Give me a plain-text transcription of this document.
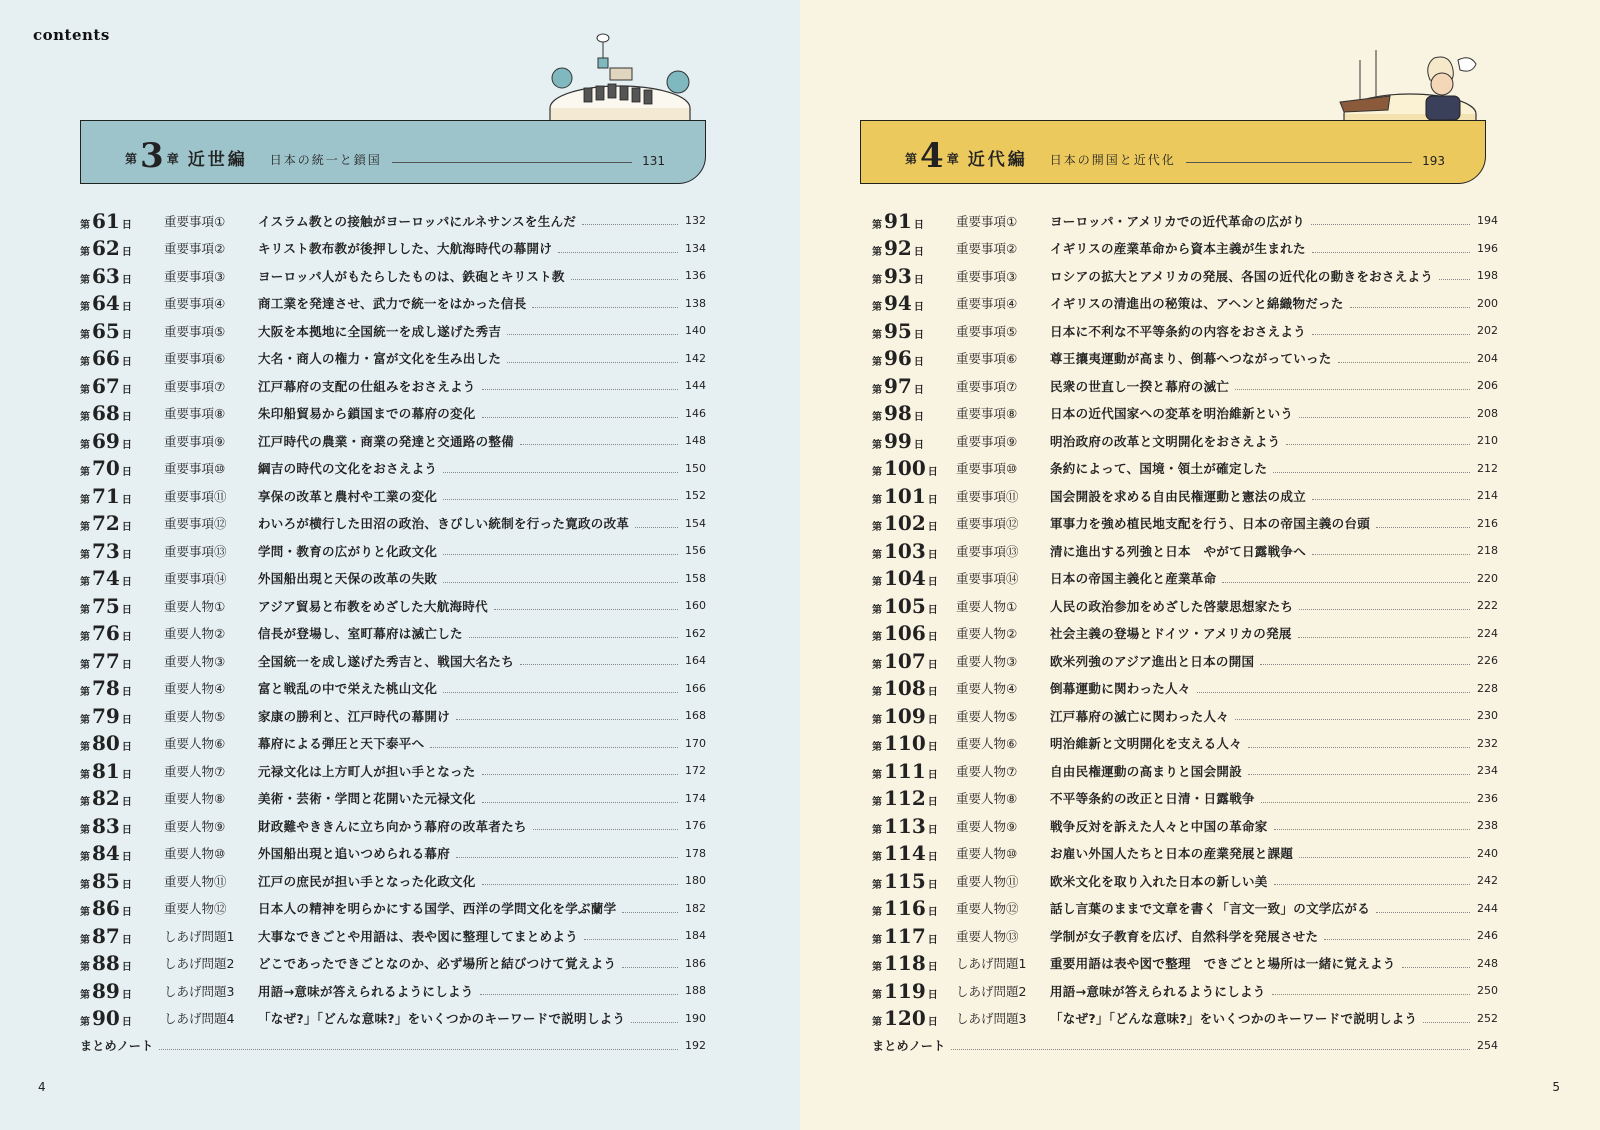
contents
第 3 章 近世編 日本の統一と鎖国	131
第 61 日	重要事項①	イスラム教との接触がヨーロッパにルネサンスを生んだ	132
第 62 日	重要事項②	キリスト教布教が後押しした、大航海時代の幕開け	134
第 63 日	重要事項③	ヨーロッパ人がもたらしたものは、鉄砲とキリスト教	136
第 64 日	重要事項④	商工業を発達させ、武力で統一をはかった信長	138
第 65 日	重要事項⑤	大阪を本拠地に全国統一を成し遂げた秀吉	140
第 66 日	重要事項⑥	大名・商人の権力・富が文化を生み出した	142
第 67 日	重要事項⑦	江戸幕府の支配の仕組みをおさえよう	144
第 68 日	重要事項⑧	朱印船貿易から鎖国までの幕府の変化	146
第 69 日	重要事項⑨	江戸時代の農業・商業の発達と交通路の整備	148
第 70 日	重要事項⑩	綱吉の時代の文化をおさえよう	150
第 71 日	重要事項⑪	享保の改革と農村や工業の変化	152
第 72 日	重要事項⑫	わいろが横行した田沼の政治、きびしい統制を行った寛政の改革	154
第 73 日	重要事項⑬	学問・教育の広がりと化政文化	156
第 74 日	重要事項⑭	外国船出現と天保の改革の失敗	158
第 75 日	重要人物①	アジア貿易と布教をめざした大航海時代	160
第 76 日	重要人物②	信長が登場し、室町幕府は滅亡した	162
第 77 日	重要人物③	全国統一を成し遂げた秀吉と、戦国大名たち	164
第 78 日	重要人物④	富と戦乱の中で栄えた桃山文化	166
第 79 日	重要人物⑤	家康の勝利と、江戸時代の幕開け	168
第 80 日	重要人物⑥	幕府による弾圧と天下泰平へ	170
第 81 日	重要人物⑦	元禄文化は上方町人が担い手となった	172
第 82 日	重要人物⑧	美術・芸術・学問と花開いた元禄文化	174
第 83 日	重要人物⑨	財政難やききんに立ち向かう幕府の改革者たち	176
第 84 日	重要人物⑩	外国船出現と追いつめられる幕府	178
第 85 日	重要人物⑪	江戸の庶民が担い手となった化政文化	180
第 86 日	重要人物⑫	日本人の精神を明らかにする国学、西洋の学問文化を学ぶ蘭学	182
第 87 日	しあげ問題1	大事なできごとや用語は、表や図に整理してまとめよう	184
第 88 日	しあげ問題2	どこであったできごとなのか、必ず場所と結びつけて覚えよう	186
第 89 日	しあげ問題3	用語→意味が答えられるようにしよう	188
第 90 日	しあげ問題4	「なぜ?」「どんな意味?」をいくつかのキーワードで説明しよう	190
まとめノート	192
4
第 4 章 近代編 日本の開国と近代化	193
第 91 日	重要事項①	ヨーロッパ・アメリカでの近代革命の広がり	194
第 92 日	重要事項②	イギリスの産業革命から資本主義が生まれた	196
第 93 日	重要事項③	ロシアの拡大とアメリカの発展、各国の近代化の動きをおさえよう	198
第 94 日	重要事項④	イギリスの清進出の秘策は、アヘンと綿織物だった	200
第 95 日	重要事項⑤	日本に不利な不平等条約の内容をおさえよう	202
第 96 日	重要事項⑥	尊王攘夷運動が高まり、倒幕へつながっていった	204
第 97 日	重要事項⑦	民衆の世直し一揆と幕府の滅亡	206
第 98 日	重要事項⑧	日本の近代国家への変革を明治維新という	208
第 99 日	重要事項⑨	明治政府の改革と文明開化をおさえよう	210
第 100 日 重要事項⑩	条約によって、国境・領土が確定した	212
第 101 日 重要事項⑪	国会開設を求める自由民権運動と憲法の成立	214
第 102 日 重要事項⑫	軍事力を強め植民地支配を行う、日本の帝国主義の台頭	216
第 103 日 重要事項⑬	清に進出する列強と日本　やがて日露戦争へ	218
第 104 日 重要事項⑭	日本の帝国主義化と産業革命	220
第 105 日 重要人物①	人民の政治参加をめざした啓蒙思想家たち	222
第 106 日 重要人物②	社会主義の登場とドイツ・アメリカの発展	224
第 107 日 重要人物③	欧米列強のアジア進出と日本の開国	226
第 108 日 重要人物④	倒幕運動に関わった人々	228
第 109 日 重要人物⑤	江戸幕府の滅亡に関わった人々	230
第 110 日 重要人物⑥	明治維新と文明開化を支える人々	232
第 111 日 重要人物⑦	自由民権運動の高まりと国会開設	234
第 112 日 重要人物⑧	不平等条約の改正と日清・日露戦争	236
第 113 日 重要人物⑨	戦争反対を訴えた人々と中国の革命家	238
第 114 日 重要人物⑩	お雇い外国人たちと日本の産業発展と課題	240
第 115 日 重要人物⑪	欧米文化を取り入れた日本の新しい美	242
第 116 日 重要人物⑫	話し言葉のままで文章を書く「言文一致」の文学広がる	244
第 117 日 重要人物⑬	学制が女子教育を広げ、自然科学を発展させた	246
第 118 日 しあげ問題1	重要用語は表や図で整理　できごとと場所は一緒に覚えよう	248
第 119 日 しあげ問題2	用語→意味が答えられるようにしよう	250
第 120 日 しあげ問題3	「なぜ?」「どんな意味?」をいくつかのキーワードで説明しよう	252
まとめノート	254
5
